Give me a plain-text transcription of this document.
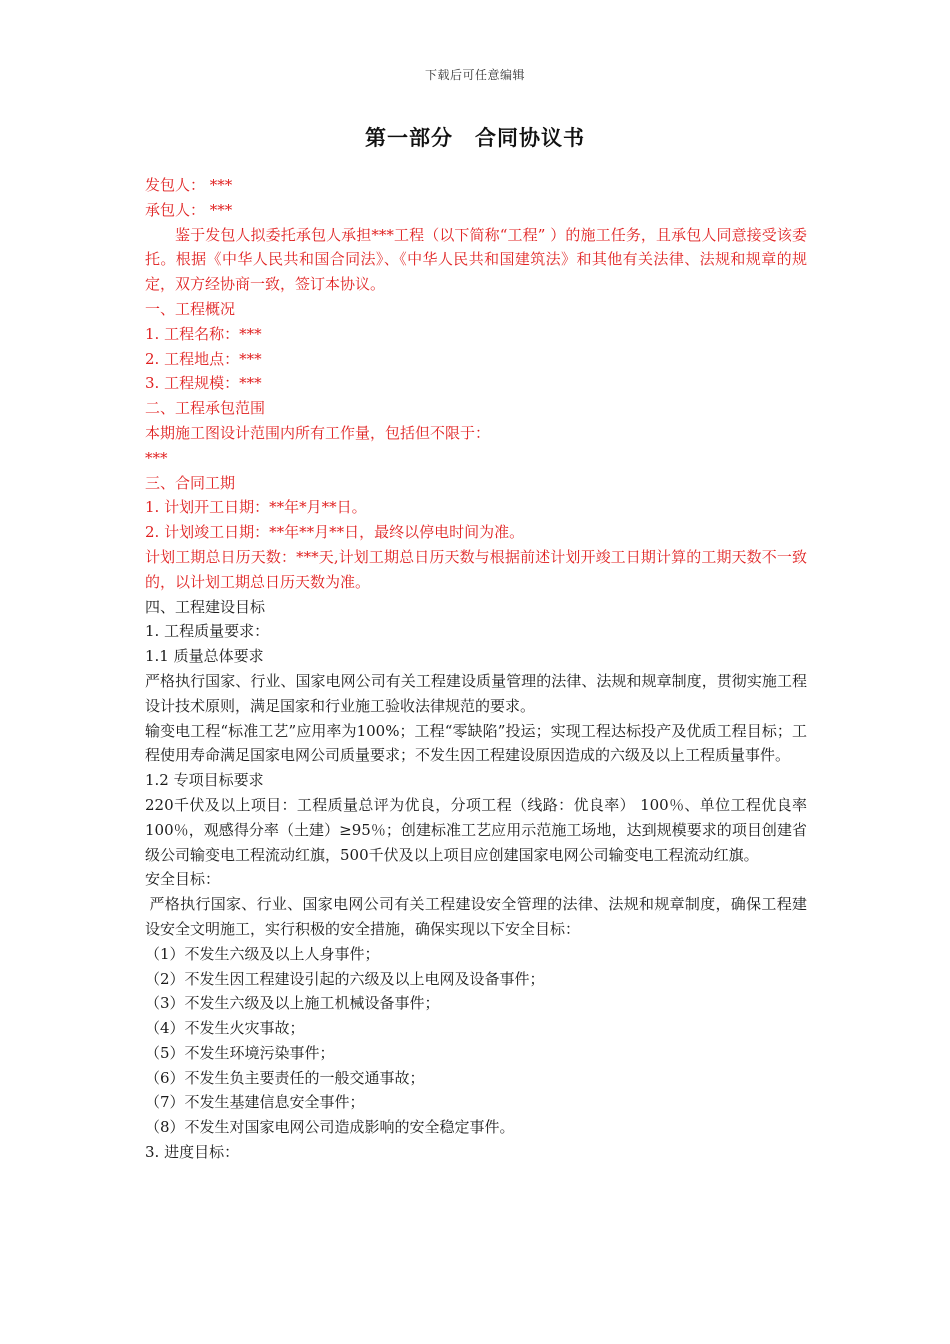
下载后可任意编辑
第一部分　合同协议书
发包人： ***
承包人： ***
鉴于发包人拟委托承包人承担***工程（以下简称“工程” ）的施工任务，且承包人同意接受该委托。根据《中华人民共和国合同法》、《中华人民共和国建筑法》和其他有关法律、法规和规章的规定，双方经协商一致，签订本协议。
一、工程概况
1. 工程名称：***
2. 工程地点：***
3. 工程规模：***
二、工程承包范围
本期施工图设计范围内所有工作量，包括但不限于：
***
三、合同工期
1. 计划开工日期：**年*月**日。
2. 计划竣工日期：**年**月**日，最终以停电时间为准。
计划工期总日历天数：***天,计划工期总日历天数与根据前述计划开竣工日期计算的工期天数不一致的，以计划工期总日历天数为准。
四、工程建设目标
1. 工程质量要求：
1.1 质量总体要求
严格执行国家、行业、国家电网公司有关工程建设质量管理的法律、法规和规章制度，贯彻实施工程设计技术原则，满足国家和行业施工验收法律规范的要求。
输变电工程“标准工艺”应用率为100%；工程“零缺陷”投运；实现工程达标投产及优质工程目标；工程使用寿命满足国家电网公司质量要求；不发生因工程建设原因造成的六级及以上工程质量事件。
1.2 专项目标要求
220千伏及以上项目：工程质量总评为优良，分项工程（线路：优良率） 100％、单位工程优良率 100％，观感得分率（土建）≥95％；创建标准工艺应用示范施工场地，达到规模要求的项目创建省级公司输变电工程流动红旗，500千伏及以上项目应创建国家电网公司输变电工程流动红旗。
安全目标：
严格执行国家、行业、国家电网公司有关工程建设安全管理的法律、法规和规章制度，确保工程建设安全文明施工，实行积极的安全措施，确保实现以下安全目标：
（1）不发生六级及以上人身事件；
（2）不发生因工程建设引起的六级及以上电网及设备事件；
（3）不发生六级及以上施工机械设备事件；
（4）不发生火灾事故；
（5）不发生环境污染事件；
（6）不发生负主要责任的一般交通事故；
（7）不发生基建信息安全事件；
（8）不发生对国家电网公司造成影响的安全稳定事件。
3. 进度目标：
